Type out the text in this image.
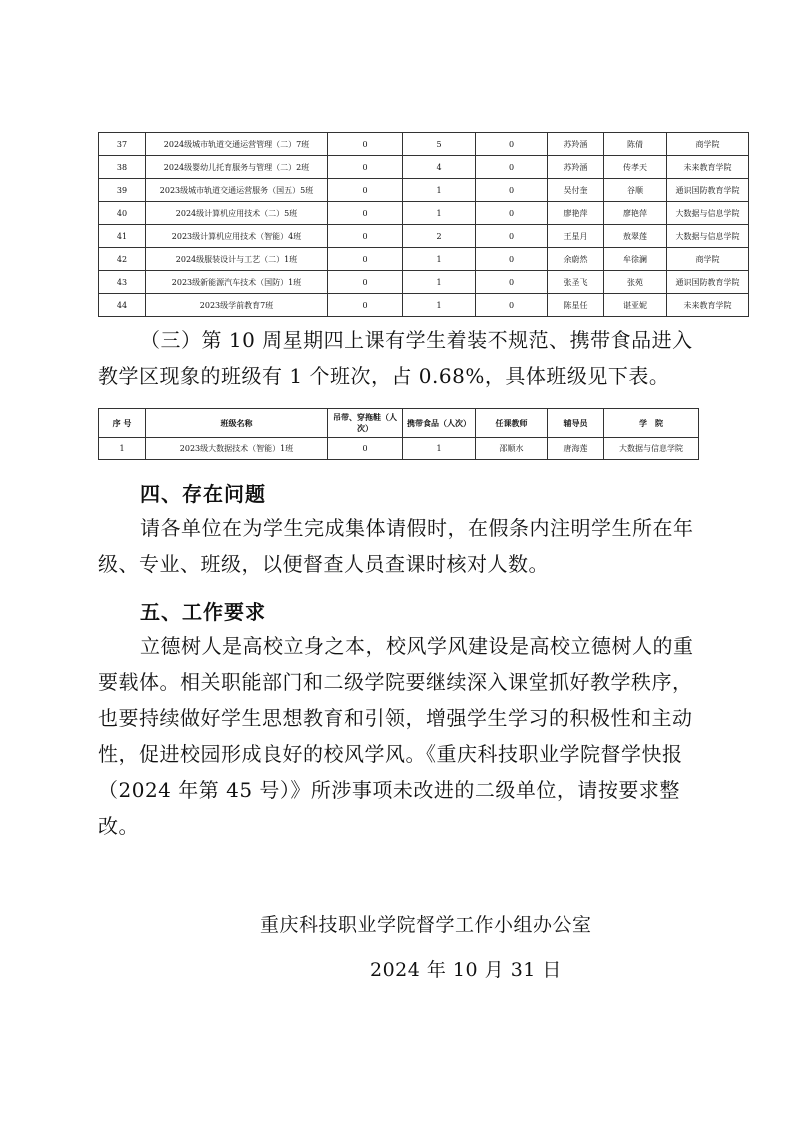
37	2024级城市轨道交通运营管理（二）7班	0	5	0	苏羚涵	陈倩	商学院
38	2024级婴幼儿托育服务与管理（二）2班	0	4	0	苏羚涵	传孝天	未来教育学院
39	2023级城市轨道交通运营服务（国五）5班	0	1	0	吴付奎	谷顺	通识国防教育学院
40	2024级计算机应用技术（二）5班	0	1	0	廖艳萍	廖艳萍	大数据与信息学院
41	2023级计算机应用技术（智能）4班	0	2	0	王星月	敖翠莲	大数据与信息学院
42	2024级服装设计与工艺（二）1班	0	1	0	余蔚然	牟徐澜	商学院
43	2023级新能源汽车技术（国防）1班	0	1	0	张圣飞	张苑	通识国防教育学院
44	2023级学前教育7班	0	1	0	陈星任	谌亚妮	未来教育学院

（三）第 10 周星期四上课有学生着装不规范、携带食品进入教学区现象的班级有 1 个班次，占 0.68%，具体班级见下表。

序 号	班级名称	吊带、穿拖鞋（人次）	携带食品（人次）	任课教师	辅导员	学　院
1	2023级大数据技术（智能）1班	0	1	邵顺水	唐海莲	大数据与信息学院

四、存在问题

请各单位在为学生完成集体请假时，在假条内注明学生所在年级、专业、班级，以便督查人员查课时核对人数。

五、工作要求

立德树人是高校立身之本，校风学风建设是高校立德树人的重要载体。相关职能部门和二级学院要继续深入课堂抓好教学秩序，也要持续做好学生思想教育和引领，增强学生学习的积极性和主动性，促进校园形成良好的校风学风。《重庆科技职业学院督学快报（2024 年第 45 号）》所涉事项未改进的二级单位，请按要求整改。

重庆科技职业学院督学工作小组办公室

2024 年 10 月 31 日
